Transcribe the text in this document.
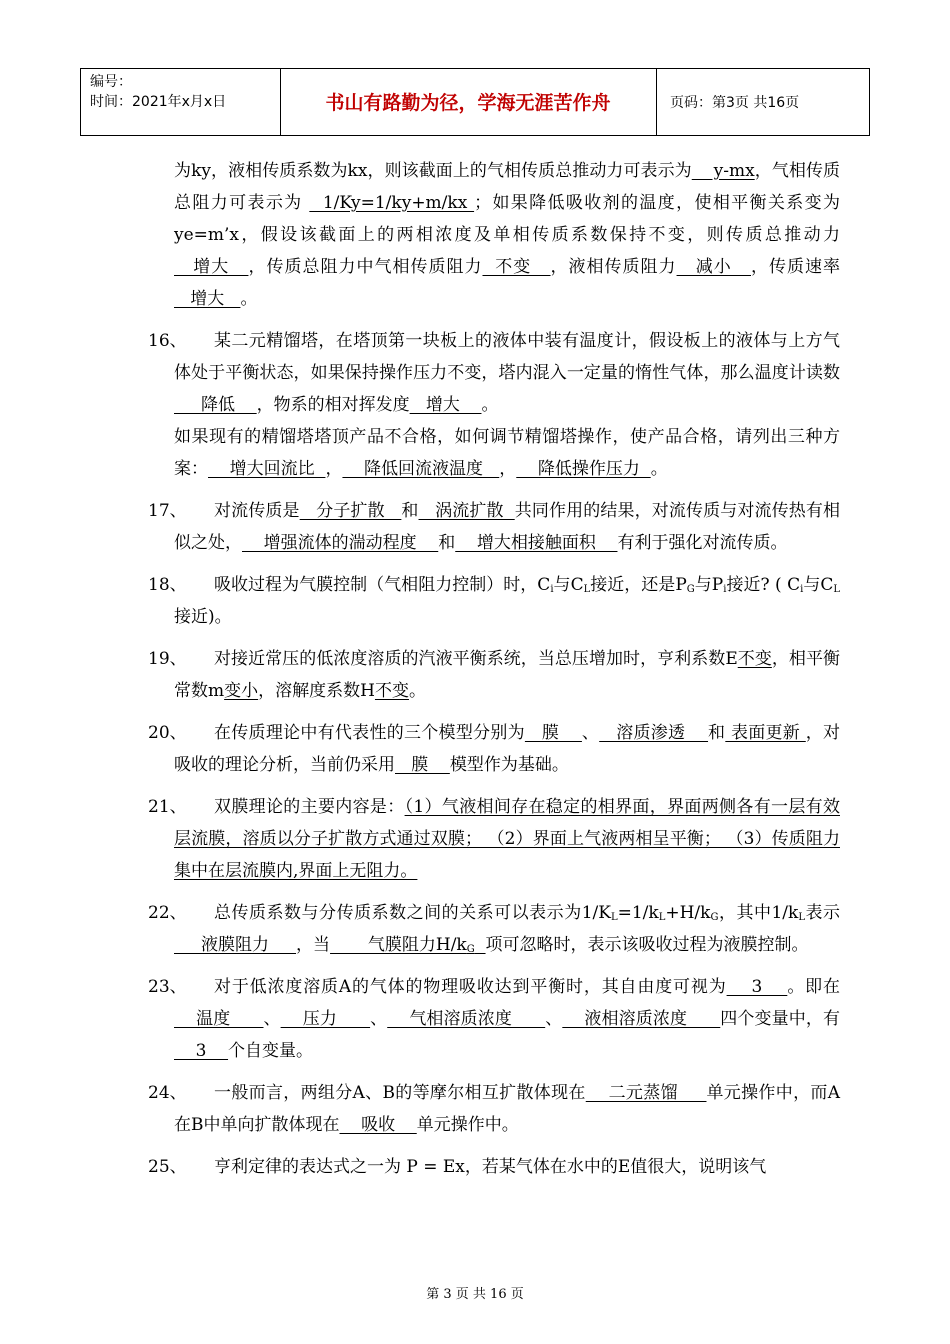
编号：
时间：2021年x月x日	书山有路勤为径，学海无涯苦作舟	页码：第3页 共16页
为ky，液相传质系数为kx，则该截面上的气相传质总推动力可表示为    y-mx，气相传质总阻力可表示为   1/Ky=1/ky+m/kx ；如果降低吸收剂的温度，使相平衡关系变为ye=m’x，假设该截面上的两相浓度及单相传质系数保持不变，则传质总推动力   增大   ，传质总阻力中气相传质阻力  不变   ，液相传质阻力   减小   ，传质速率   增大   。
16、	某二元精馏塔，在塔顶第一块板上的液体中装有温度计，假设板上的液体与上方气体处于平衡状态，如果保持操作压力不变，塔内混入一定量的惰性气体，那么温度计读数     降低    ，物系的相对挥发度   增大    。
如果现有的精馏塔塔顶产品不合格，如何调节精馏塔操作，使产品合格，请列出三种方案：    增大回流比  ，    降低回流液温度   ，    降低操作压力  。
17、	对流传质是   分子扩散   和   涡流扩散  共同作用的结果，对流传质与对流传热有相似之处，    增强流体的湍动程度    和    增大相接触面积    有利于强化对流传质。
18、	吸收过程为气膜控制（气相阻力控制）时，$C_i$与$C_L$接近，还是$P_G$与$P_i$接近? ( $C_i$与$C_L$接近)。
19、	对接近常压的低浓度溶质的汽液平衡系统，当总压增加时，亨利系数E不变，相平衡常数m变小，溶解度系数H不变。
20、	在传质理论中有代表性的三个模型分别为   膜    、   溶质渗透    和 表面更新 ，对吸收的理论分析，当前仍采用   膜    模型作为基础。
21、	双膜理论的主要内容是：（1）气液相间存在稳定的相界面，界面两侧各有一层有效层流膜，溶质以分子扩散方式通过双膜； （2）界面上气液两相呈平衡； （3）传质阻力集中在层流膜内,界面上无阻力。
22、	总传质系数与分传质系数之间的关系可以表示为$1/K_L=1/k_L+H/k_G$，其中$1/k_L$表示     液膜阻力     ，当       气膜阻力$H/k_G$ 项可忽略时，表示该吸收过程为液膜控制。
23、	对于低浓度溶质A的气体的物理吸收达到平衡时，其自由度可视为    3    。即在    温度      、    压力      、    气相溶质浓度      、    液相溶质浓度      四个变量中，有    3    个自变量。
24、	一般而言，两组分A、B的等摩尔相互扩散体现在    二元蒸馏     单元操作中，而A在B中单向扩散体现在    吸收    单元操作中。
25、	亨利定律的表达式之一为 P = Ex，若某气体在水中的E值很大，说明该气
第 3 页 共 16 页
